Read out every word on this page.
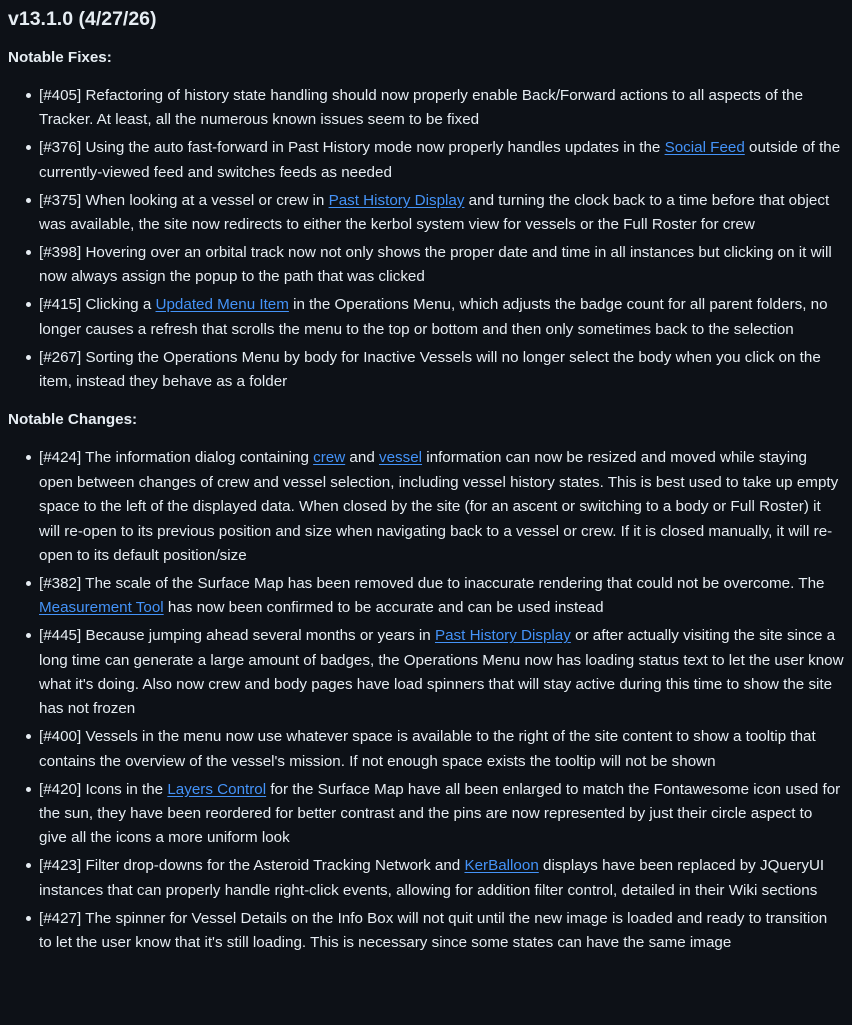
v13.1.0 (4/27/26)
Notable Fixes:
[#405] Refactoring of history state handling should now properly enable Back/Forward actions to all aspects of the Tracker. At least, all the numerous known issues seem to be fixed
[#376] Using the auto fast-forward in Past History mode now properly handles updates in the Social Feed outside of the currently-viewed feed and switches feeds as needed
[#375] When looking at a vessel or crew in Past History Display and turning the clock back to a time before that object was available, the site now redirects to either the kerbol system view for vessels or the Full Roster for crew
[#398] Hovering over an orbital track now not only shows the proper date and time in all instances but clicking on it will now always assign the popup to the path that was clicked
[#415] Clicking a Updated Menu Item in the Operations Menu, which adjusts the badge count for all parent folders, no longer causes a refresh that scrolls the menu to the top or bottom and then only sometimes back to the selection
[#267] Sorting the Operations Menu by body for Inactive Vessels will no longer select the body when you click on the item, instead they behave as a folder
Notable Changes:
[#424] The information dialog containing crew and vessel information can now be resized and moved while staying open between changes of crew and vessel selection, including vessel history states. This is best used to take up empty space to the left of the displayed data. When closed by the site (for an ascent or switching to a body or Full Roster) it will re-open to its previous position and size when navigating back to a vessel or crew. If it is closed manually, it will re-open to its default position/size
[#382] The scale of the Surface Map has been removed due to inaccurate rendering that could not be overcome. The Measurement Tool has now been confirmed to be accurate and can be used instead
[#445] Because jumping ahead several months or years in Past History Display or after actually visiting the site since a long time can generate a large amount of badges, the Operations Menu now has loading status text to let the user know what it's doing. Also now crew and body pages have load spinners that will stay active during this time to show the site has not frozen
[#400] Vessels in the menu now use whatever space is available to the right of the site content to show a tooltip that contains the overview of the vessel's mission. If not enough space exists the tooltip will not be shown
[#420] Icons in the Layers Control for the Surface Map have all been enlarged to match the Fontawesome icon used for the sun, they have been reordered for better contrast and the pins are now represented by just their circle aspect to give all the icons a more uniform look
[#423] Filter drop-downs for the Asteroid Tracking Network and KerBalloon displays have been replaced by JQueryUI instances that can properly handle right-click events, allowing for addition filter control, detailed in their Wiki sections
[#427] The spinner for Vessel Details on the Info Box will not quit until the new image is loaded and ready to transition to let the user know that it's still loading. This is necessary since some states can have the same image
